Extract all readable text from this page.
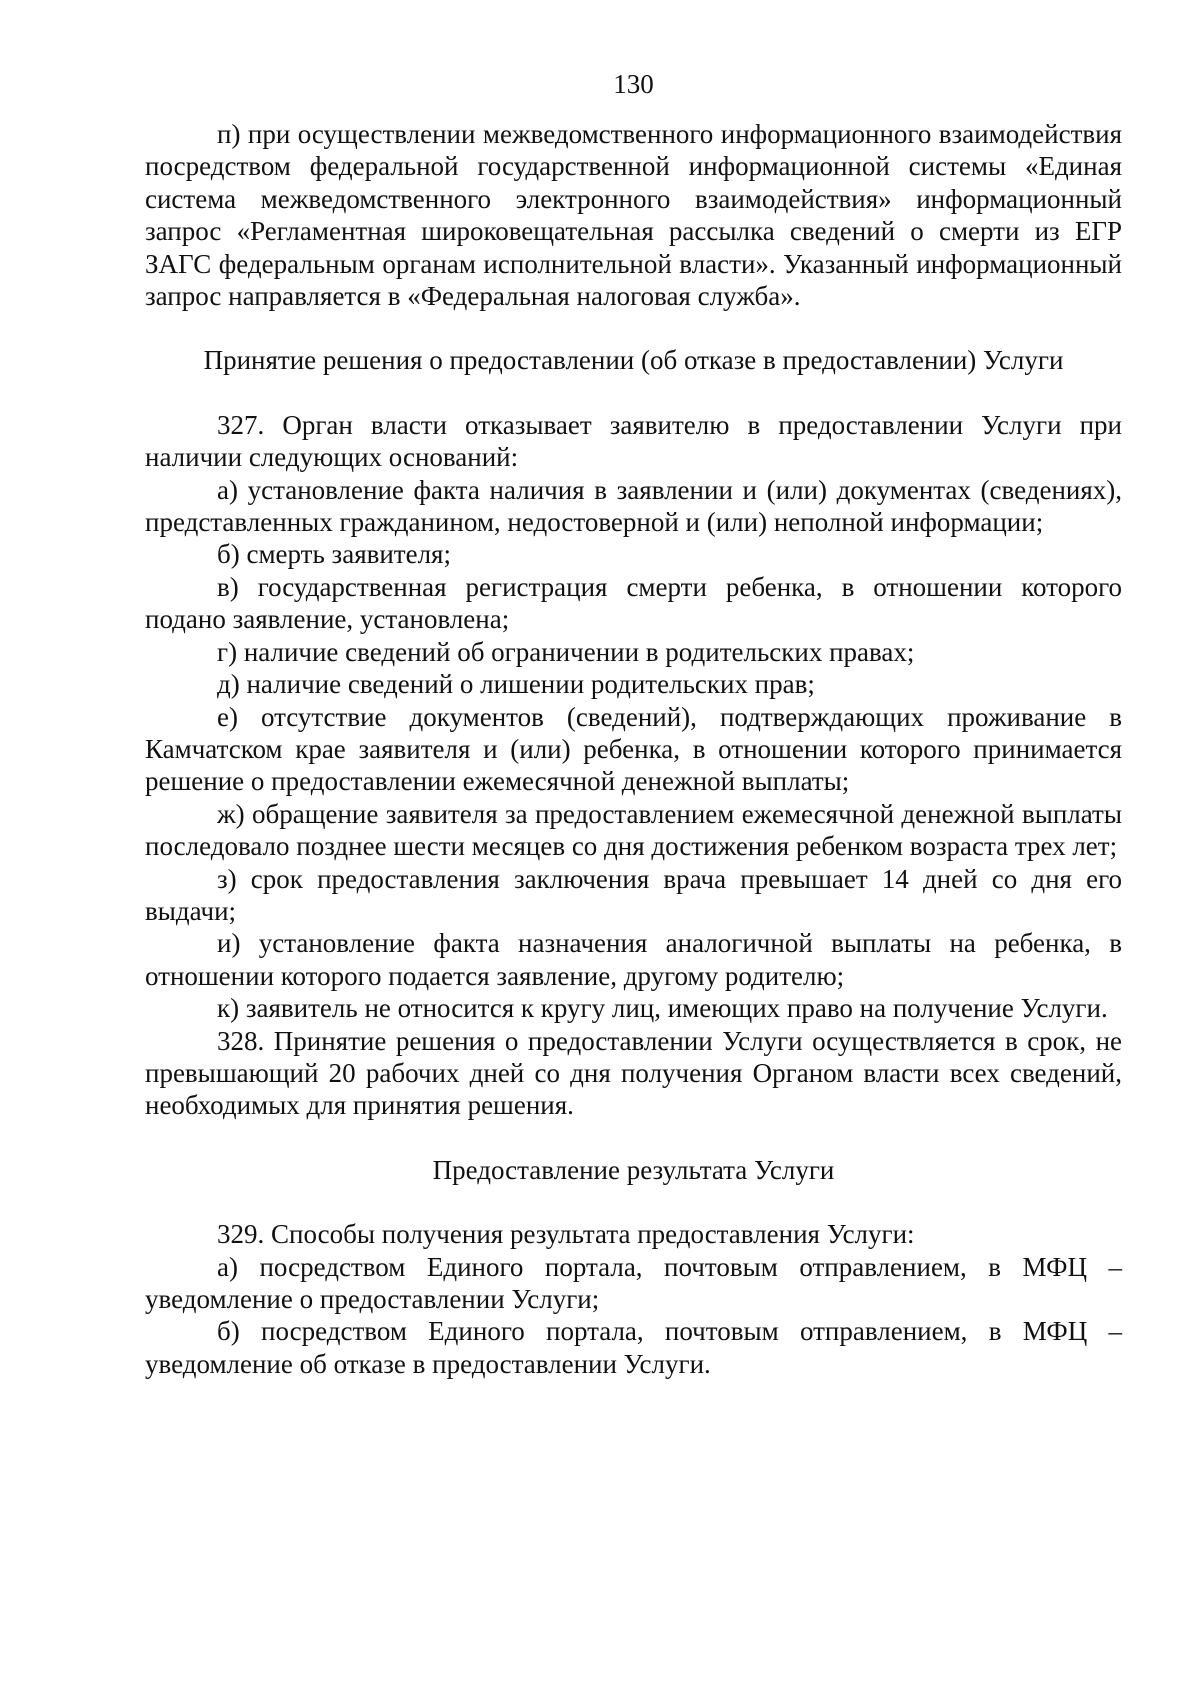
130

п) при осуществлении межведомственного информационного взаимодействия посредством федеральной государственной информационной системы «Единая система межведомственного электронного взаимодействия» информационный запрос «Регламентная широковещательная рассылка сведений о смерти из ЕГР ЗАГС федеральным органам исполнительной власти». Указанный информационный запрос направляется в «Федеральная налоговая служба».

Принятие решения о предоставлении (об отказе в предоставлении) Услуги

327. Орган власти отказывает заявителю в предоставлении Услуги при наличии следующих оснований:

а) установление факта наличия в заявлении и (или) документах (сведениях), представленных гражданином, недостоверной и (или) неполной информации;

б) смерть заявителя;

в) государственная регистрация смерти ребенка, в отношении которого подано заявление, установлена;

г) наличие сведений об ограничении в родительских правах;

д) наличие сведений о лишении родительских прав;

е) отсутствие документов (сведений), подтверждающих проживание в Камчатском крае заявителя и (или) ребенка, в отношении которого принимается решение о предоставлении ежемесячной денежной выплаты;

ж) обращение заявителя за предоставлением ежемесячной денежной выплаты последовало позднее шести месяцев со дня достижения ребенком возраста трех лет;

з) срок предоставления заключения врача превышает 14 дней со дня его выдачи;

и) установление факта назначения аналогичной выплаты на ребенка, в отношении которого подается заявление, другому родителю;

к) заявитель не относится к кругу лиц, имеющих право на получение Услуги.

328. Принятие решения о предоставлении Услуги осуществляется в срок, не превышающий 20 рабочих дней со дня получения Органом власти всех сведений, необходимых для принятия решения.

Предоставление результата Услуги

329. Способы получения результата предоставления Услуги:

а) посредством Единого портала, почтовым отправлением, в МФЦ – уведомление о предоставлении Услуги;

б) посредством Единого портала, почтовым отправлением, в МФЦ – уведомление об отказе в предоставлении Услуги.
